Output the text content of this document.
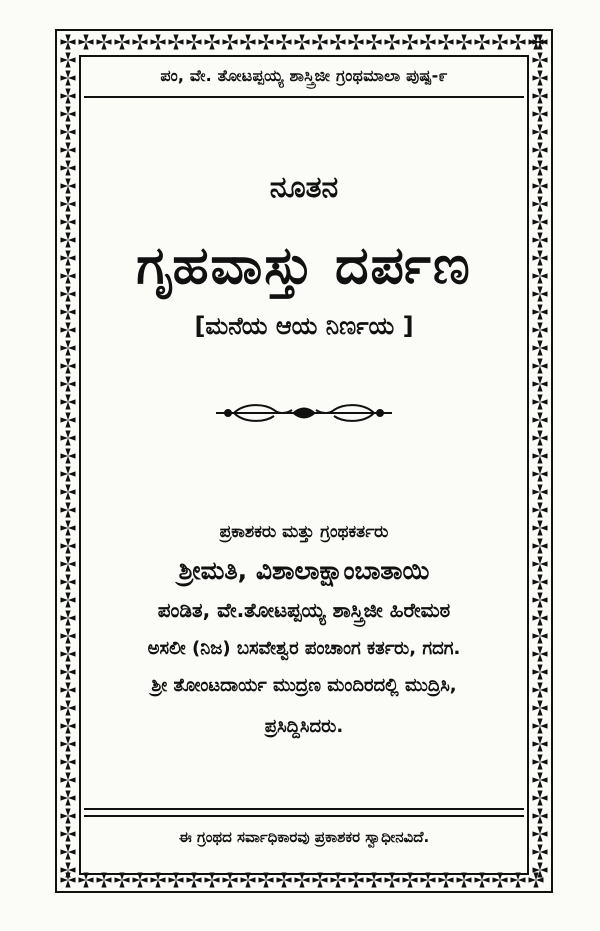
ಪಂ, ವೇ. ತೋಟಪ್ಪಯ್ಯ ಶಾಸ್ತ್ರಿಜೀ ಗ್ರಂಥಮಾಲಾ ಪುಷ್ಪ-೯
ನೂತನ
ಗೃಹವಾಸ್ತು ದರ್ಪಣ
[ಮನೆಯ ಆಯ ನಿರ್ಣಯ ]
ಪ್ರಕಾಶಕರು ಮತ್ತು ಗ್ರಂಥಕರ್ತರು
ಶ್ರೀಮತಿ, ವಿಶಾಲಾಕ್ಷಾಂಬಾತಾಯಿ
ಪಂಡಿತ, ವೇ.ತೋಟಪ್ಪಯ್ಯ ಶಾಸ್ತ್ರಿಜೀ ಹಿರೇಮಠ
ಅಸಲೀ (ನಿಜ) ಬಸವೇಶ್ವರ ಪಂಚಾಂಗ ಕರ್ತರು, ಗದಗ.
ಶ್ರೀ ತೋಂಟದಾರ್ಯ ಮುದ್ರಣ ಮಂದಿರದಲ್ಲಿ ಮುದ್ರಿಸಿ,
ಪ್ರಸಿದ್ದಿಸಿದರು.
ಈ ಗ್ರಂಥದ ಸರ್ವಾಧಿಕಾರವು ಪ್ರಕಾಶಕರ ಸ್ವಾಧೀನವಿದೆ.
